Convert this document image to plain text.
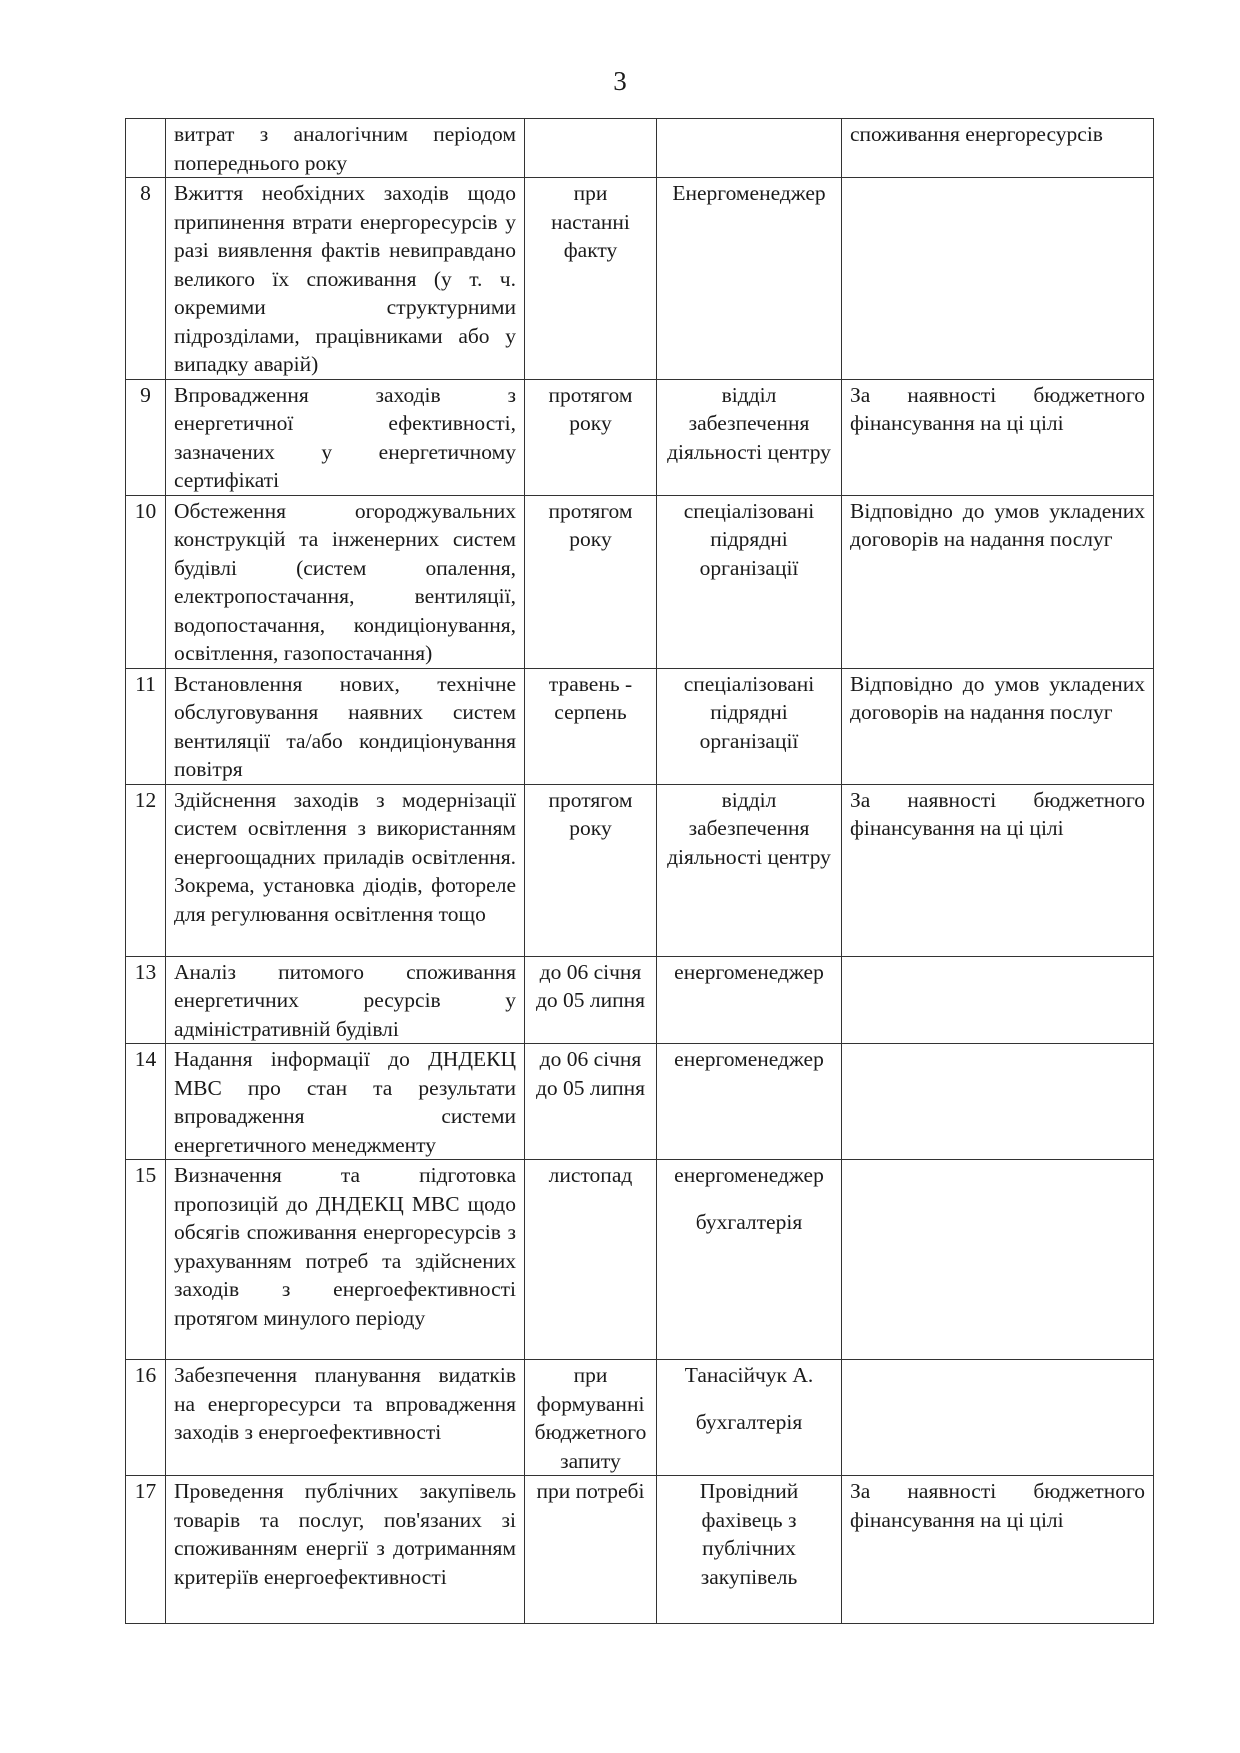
3
	витрат з аналогічним періодом попереднього року			споживання енергоресурсів
8	Вжиття необхідних заходів щодо припинення втрати енергоресурсів у разі виявлення фактів невиправдано великого їх споживання (у т. ч. окремими структурними підрозділами, працівниками або у випадку аварій)	при настанні факту	Енергоменеджер	

9	Впровадження заходів з енергетичної ефективності, зазначених у енергетичному сертифікаті	протягом року	відділ забезпечення діяльності центру	За наявності бюджетного фінансування на ці цілі
10	Обстеження огороджувальних конструкцій та інженерних систем будівлі (систем опалення, електропостачання, вентиляції, водопостачання, кондиціонування, освітлення, газопостачання)	протягом року	спеціалізовані підрядні організації	Відповідно до умов укладених договорів на надання послуг
11	Встановлення нових, технічне обслуговування наявних систем вентиляції та/або кондиціонування повітря	травень - серпень	спеціалізовані підрядні організації	Відповідно до умов укладених договорів на надання послуг
12	Здійснення заходів з модернізації систем освітлення з використанням енергоощадних приладів освітлення. Зокрема, установка діодів, фотореле для регулювання освітлення тощо	протягом року	відділ забезпечення діяльності центру	За наявності бюджетного фінансування на ці цілі
13	Аналіз питомого споживання енергетичних ресурсів у адміністративній будівлі	до 06 січня до 05 липня	енергоменеджер	

14	Надання інформації до ДНДЕКЦ МВС про стан та результати впровадження системи енергетичного менеджменту	до 06 січня до 05 липня	енергоменеджер	

15	Визначення та підготовка пропозицій до ДНДЕКЦ МВС щодо обсягів споживання енергоресурсів з урахуванням потреб та здійснених заходів з енергоефективності протягом минулого періоду	листопад	енергоменеджер
бухгалтерія	

16	Забезпечення планування видатків на енергоресурси та впровадження заходів з енергоефективності	при формуванні бюджетного запиту	Танасійчук А.
бухгалтерія	

17	Проведення публічних закупівель товарів та послуг, пов'язаних зі споживанням енергії з дотриманням критеріїв енергоефективності	при потребі	Провідний фахівець з публічних закупівель	За наявності бюджетного фінансування на ці цілі
